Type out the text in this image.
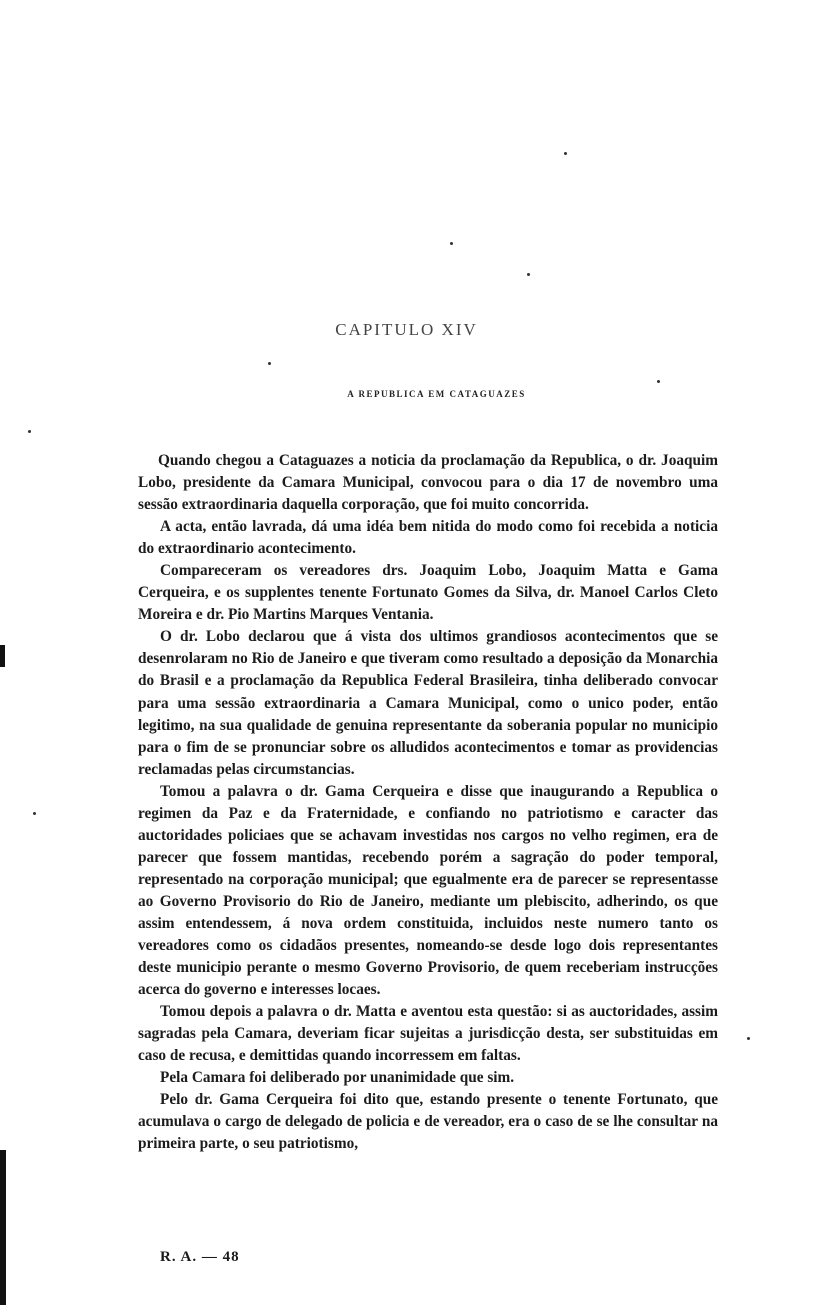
CAPITULO XIV
A REPUBLICA EM CATAGUAZES

Quando chegou a Cataguazes a noticia da proclamação da Republica, o dr. Joaquim Lobo, presidente da Camara Municipal, convocou para o dia 17 de novembro uma sessão extraordinaria daquella corporação, que foi muito concorrida.

A acta, então lavrada, dá uma idéa bem nitida do modo como foi recebida a noticia do extraordinario acontecimento.

Compareceram os vereadores drs. Joaquim Lobo, Joaquim Matta e Gama Cerqueira, e os supplentes tenente Fortunato Gomes da Silva, dr. Manoel Carlos Cleto Moreira e dr. Pio Martins Marques Ventania.

O dr. Lobo declarou que á vista dos ultimos grandiosos acontecimentos que se desenrolaram no Rio de Janeiro e que tiveram como resultado a deposição da Monarchia do Brasil e a proclamação da Republica Federal Brasileira, tinha deliberado convocar para uma sessão extraordinaria a Camara Municipal, como o unico poder, então legitimo, na sua qualidade de genuina representante da soberania popular no municipio para o fim de se pronunciar sobre os alludidos acontecimentos e tomar as providencias reclamadas pelas circumstancias.

Tomou a palavra o dr. Gama Cerqueira e disse que inaugurando a Republica o regimen da Paz e da Fraternidade, e confiando no patriotismo e caracter das auctoridades policiaes que se achavam investidas nos cargos no velho regimen, era de parecer que fossem mantidas, recebendo porém a sagração do poder temporal, representado na corporação municipal; que egualmente era de parecer se representasse ao Governo Provisorio do Rio de Janeiro, mediante um plebiscito, adherindo, os que assim entendessem, á nova ordem constituida, incluidos neste numero tanto os vereadores como os cidadãos presentes, nomeando-se desde logo dois representantes deste municipio perante o mesmo Governo Provisorio, de quem receberiam instrucções acerca do governo e interesses locaes.

Tomou depois a palavra o dr. Matta e aventou esta questão: si as auctoridades, assim sagradas pela Camara, deveriam ficar sujeitas a jurisdicção desta, ser substituidas em caso de recusa, e demittidas quando incorressem em faltas.

Pela Camara foi deliberado por unanimidade que sim.

Pelo dr. Gama Cerqueira foi dito que, estando presente o tenente Fortunato, que acumulava o cargo de delegado de policia e de vereador, era o caso de se lhe consultar na primeira parte, o seu patriotismo,

R. A. — 48
